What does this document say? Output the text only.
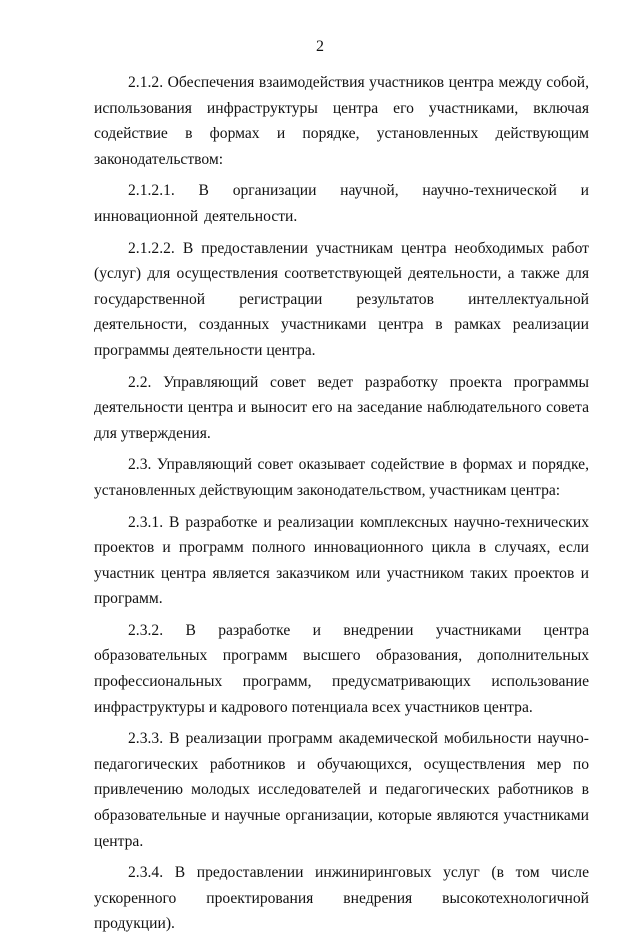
2

2.1.2. Обеспечения взаимодействия участников центра между собой, использования инфраструктуры центра его участниками, включая содействие в формах и порядке, установленных действующим законодательством:

2.1.2.1. В организации научной, научно-технической и инновационной деятельности.

2.1.2.2. В предоставлении участникам центра необходимых работ (услуг) для осуществления соответствующей деятельности, а также для государственной регистрации результатов интеллектуальной деятельности, созданных участниками центра в рамках реализации программы деятельности центра.

2.2. Управляющий совет ведет разработку проекта программы деятельности центра и выносит его на заседание наблюдательного совета для утверждения.

2.3. Управляющий совет оказывает содействие в формах и порядке, установленных действующим законодательством, участникам центра:

2.3.1. В разработке и реализации комплексных научно-технических проектов и программ полного инновационного цикла в случаях, если участник центра является заказчиком или участником таких проектов и программ.

2.3.2. В разработке и внедрении участниками центра образовательных программ высшего образования, дополнительных профессиональных программ, предусматривающих использование инфраструктуры и кадрового потенциала всех участников центра.

2.3.3. В реализации программ академической мобильности научно-педагогических работников и обучающихся, осуществления мер по привлечению молодых исследователей и педагогических работников в образовательные и научные организации, которые являются участниками центра.

2.3.4. В предоставлении инжиниринговых услуг (в том числе ускоренного проектирования внедрения высокотехнологичной продукции).
